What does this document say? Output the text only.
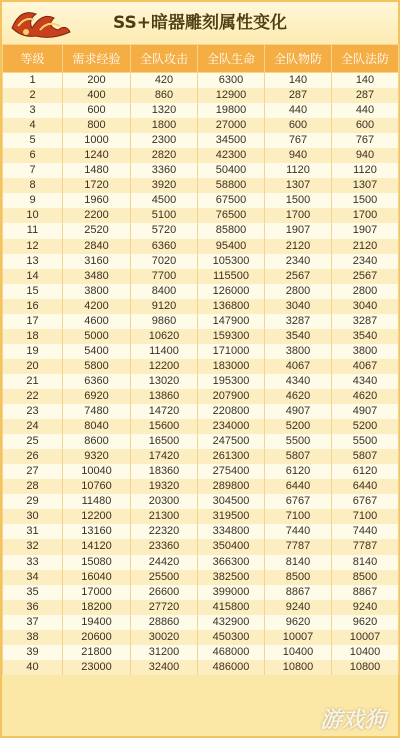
SS+暗器雕刻属性变化
等级	需求经验	全队攻击	全队生命	全队物防	全队法防
1	200	420	6300	140	140
2	400	860	12900	287	287
3	600	1320	19800	440	440
4	800	1800	27000	600	600
5	1000	2300	34500	767	767
6	1240	2820	42300	940	940
7	1480	3360	50400	1120	1120
8	1720	3920	58800	1307	1307
9	1960	4500	67500	1500	1500
10	2200	5100	76500	1700	1700
11	2520	5720	85800	1907	1907
12	2840	6360	95400	2120	2120
13	3160	7020	105300	2340	2340
14	3480	7700	115500	2567	2567
15	3800	8400	126000	2800	2800
16	4200	9120	136800	3040	3040
17	4600	9860	147900	3287	3287
18	5000	10620	159300	3540	3540
19	5400	11400	171000	3800	3800
20	5800	12200	183000	4067	4067
21	6360	13020	195300	4340	4340
22	6920	13860	207900	4620	4620
23	7480	14720	220800	4907	4907
24	8040	15600	234000	5200	5200
25	8600	16500	247500	5500	5500
26	9320	17420	261300	5807	5807
27	10040	18360	275400	6120	6120
28	10760	19320	289800	6440	6440
29	11480	20300	304500	6767	6767
30	12200	21300	319500	7100	7100
31	13160	22320	334800	7440	7440
32	14120	23360	350400	7787	7787
33	15080	24420	366300	8140	8140
34	16040	25500	382500	8500	8500
35	17000	26600	399000	8867	8867
36	18200	27720	415800	9240	9240
37	19400	28860	432900	9620	9620
38	20600	30020	450300	10007	10007
39	21800	31200	468000	10400	10400
40	23000	32400	486000	10800	10800
游戏狗
